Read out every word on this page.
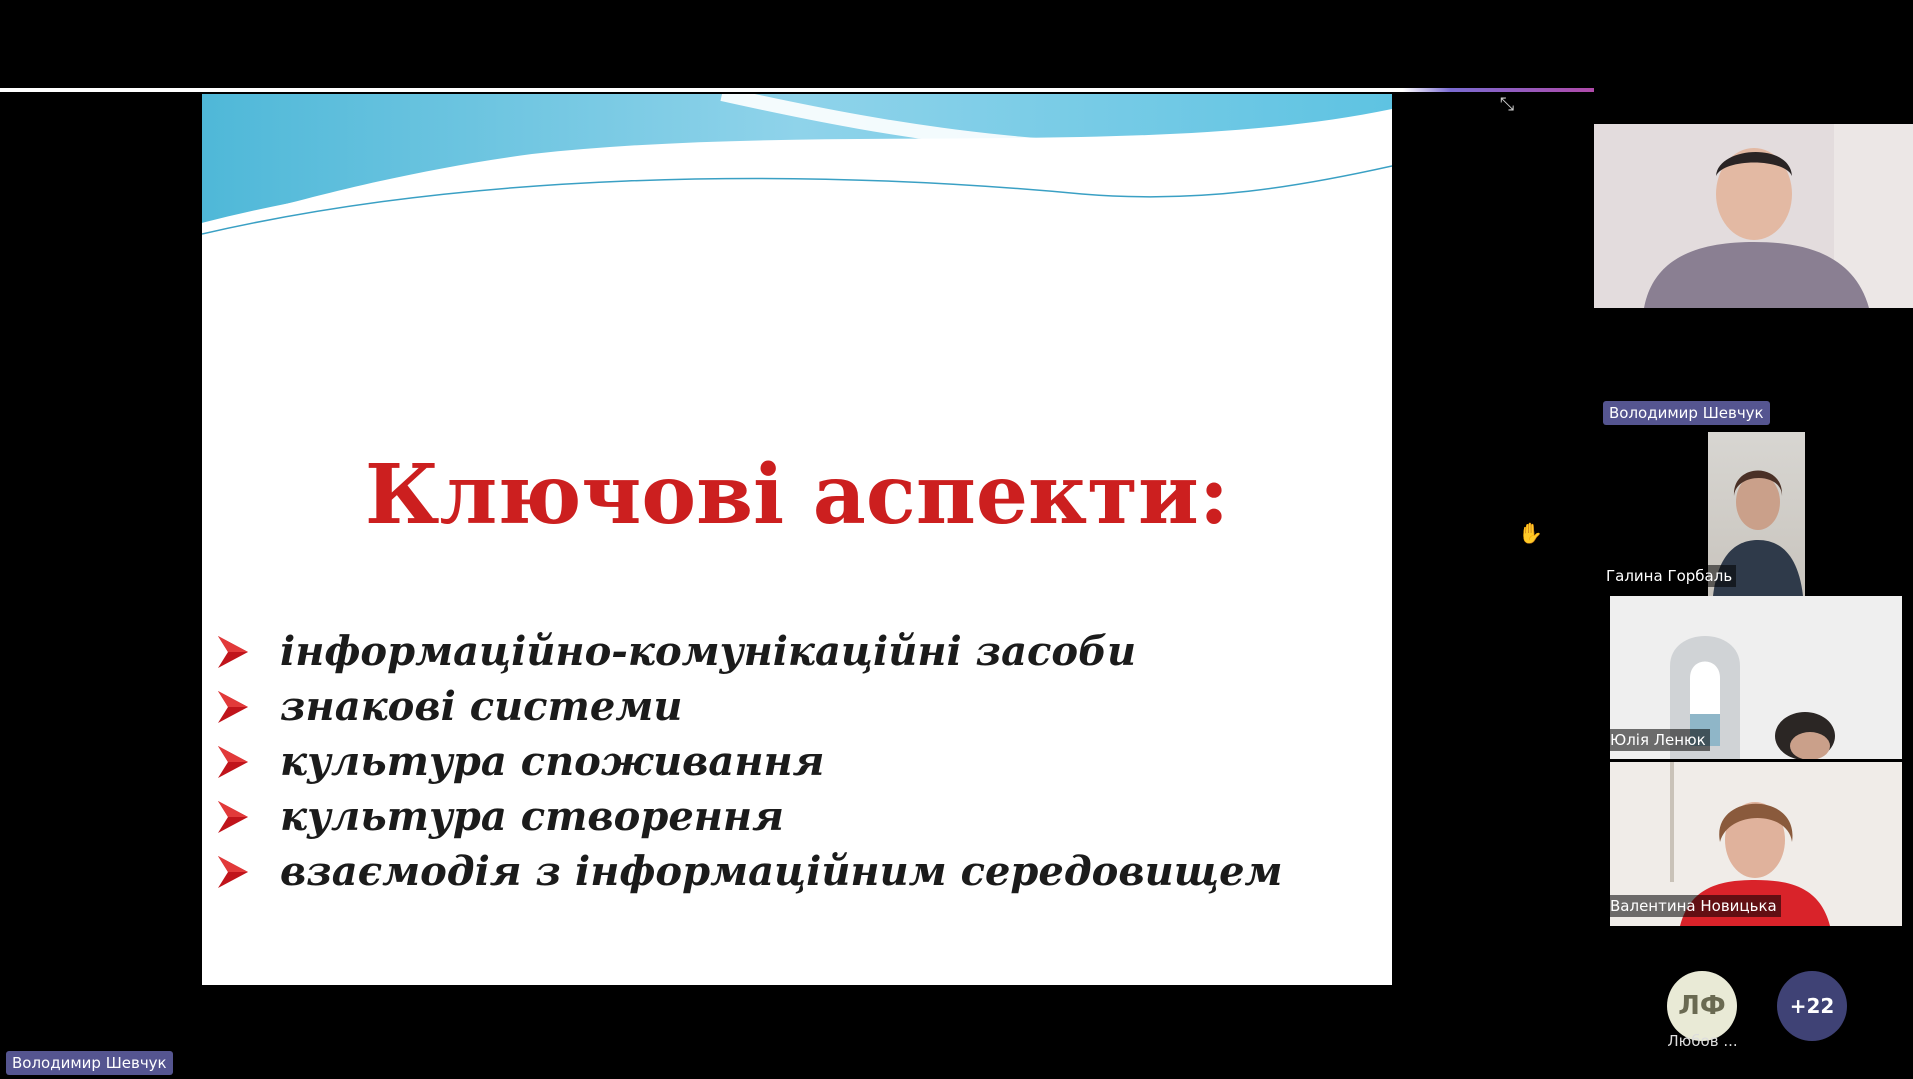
⤡
Ключові аспекти:
інформаційно-комунікаційні засоби
знакові системи
культура споживання
культура створення
взаємодія з інформаційним середовищем
✋
Володимир Шевчук
Галина Горбаль
Юлія Ленюк
Валентина Новицька
ЛФ
Любов ...
+22
Володимир Шевчук
